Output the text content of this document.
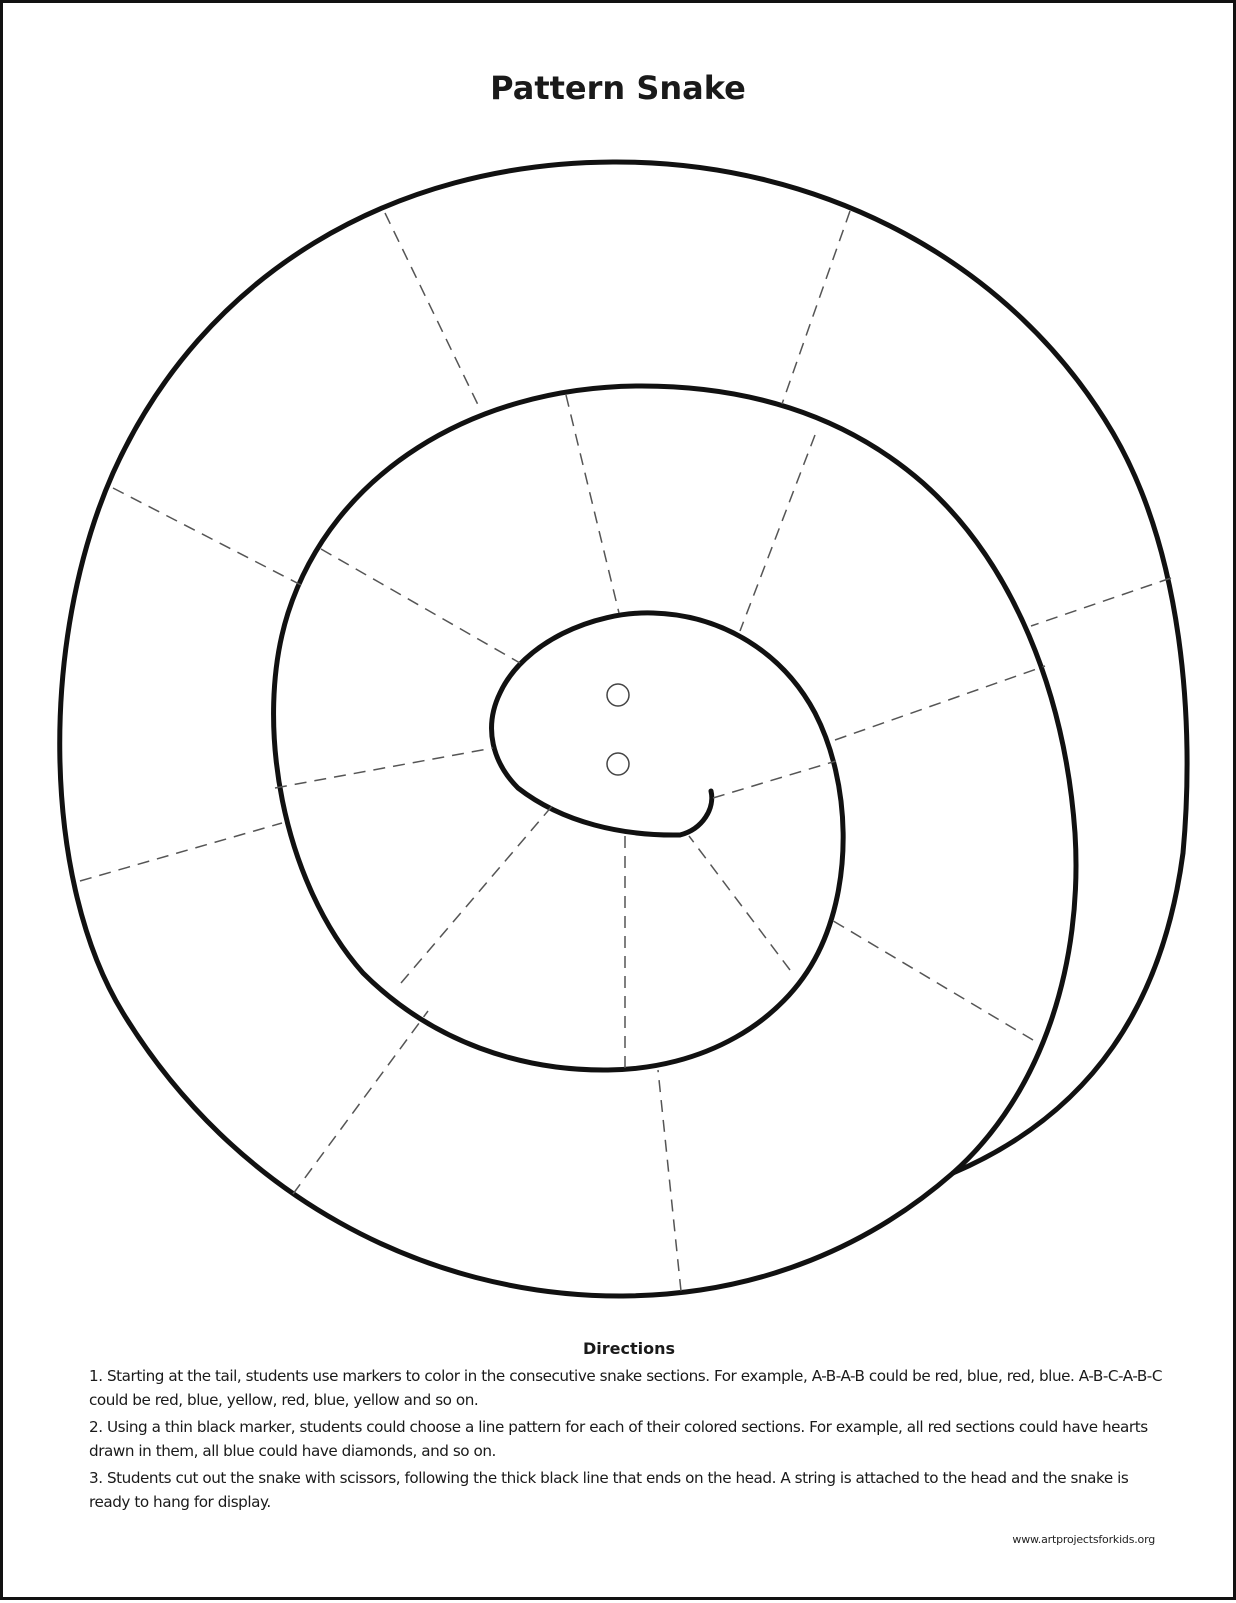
Pattern Snake
Directions
1. Starting at the tail, students use markers to color in the consecutive snake sections. For example, A-B-A-B could be red, blue, red, blue. A-B-C-A-B-C could be red, blue, yellow, red, blue, yellow and so on.
2. Using a thin black marker, students could choose a line pattern for each of their colored sections. For example, all red sections could have hearts drawn in them, all blue could have diamonds, and so on.
3. Students cut out the snake with scissors, following the thick black line that ends on the head. A string is attached to the head and the snake is ready to hang for display.
www.artprojectsforkids.org
